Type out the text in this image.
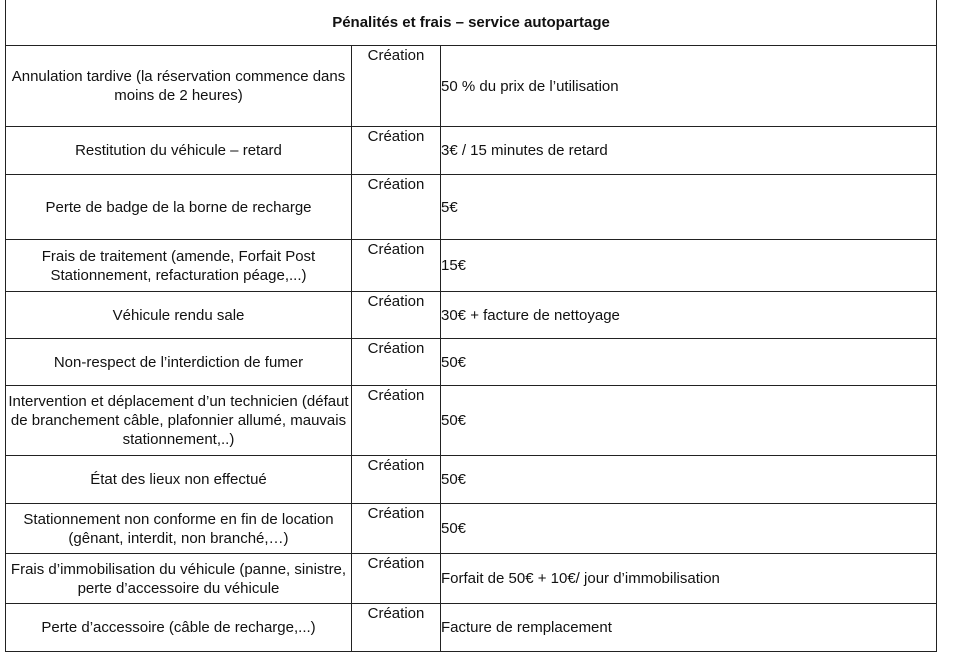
Pénalités et frais – service autopartage		
Annulation tardive (la réservation commence dans moins de 2 heures)	Création	50 % du prix de l’utilisation
Restitution du véhicule – retard	Création	3€ / 15 minutes de retard
Perte de badge de la borne de recharge	Création	5€
Frais de traitement (amende, Forfait Post Stationnement, refacturation péage,...)	Création	15€
Véhicule rendu sale	Création	30€ + facture de nettoyage
Non-respect de l’interdiction de fumer	Création	50€
Intervention et déplacement d’un technicien (défaut de branchement câble, plafonnier allumé, mauvais stationnement,..)	Création	50€
État des lieux non effectué	Création	50€
Stationnement non conforme en fin de location (gênant, interdit, non branché,…)	Création	50€
Frais d’immobilisation du véhicule (panne, sinistre, perte d’accessoire du véhicule	Création	Forfait de 50€ + 10€/ jour d’immobilisation
Perte d’accessoire (câble de recharge,...)	Création	Facture de remplacement
